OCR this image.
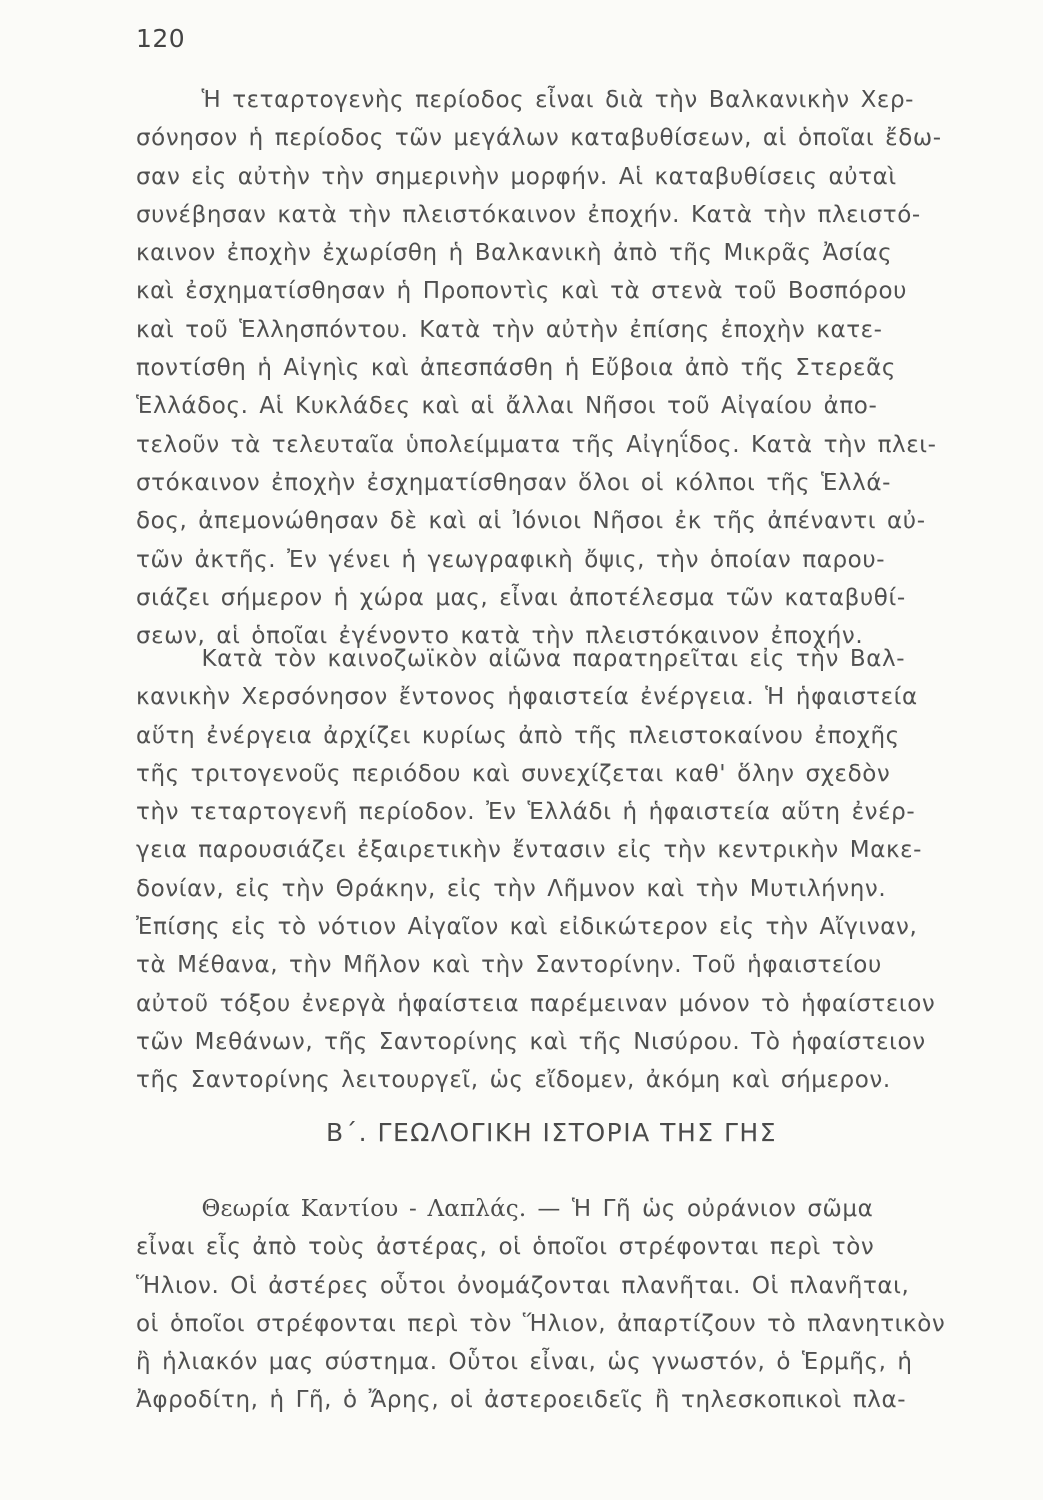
120
Ἡ τεταρτογενὴς περίοδος εἶναι διὰ τὴν Βαλκανικὴν Χερ-
σόνησον ἡ περίοδος τῶν μεγάλων καταβυθίσεων, αἱ ὁποῖαι ἔδω-
σαν εἰς αὐτὴν τὴν σημερινὴν μορφήν. Αἱ καταβυθίσεις αὐταὶ
συνέβησαν κατὰ τὴν πλειστόκαινον ἐποχήν. Κατὰ τὴν πλειστό-
καινον ἐποχὴν ἐχωρίσθη ἡ Βαλκανικὴ ἀπὸ τῆς Μικρᾶς Ἀσίας
καὶ ἐσχηματίσθησαν ἡ Προποντὶς καὶ τὰ στενὰ τοῦ Βοσπόρου
καὶ τοῦ Ἑλλησπόντου. Κατὰ τὴν αὐτὴν ἐπίσης ἐποχὴν κατε-
ποντίσθη ἡ Αἰγηὶς καὶ ἀπεσπάσθη ἡ Εὔβοια ἀπὸ τῆς Στερεᾶς
Ἑλλάδος. Αἱ Κυκλάδες καὶ αἱ ἄλλαι Νῆσοι τοῦ Αἰγαίου ἀπο-
τελοῦν τὰ τελευταῖα ὑπολείμματα τῆς Αἰγηΐδος. Κατὰ τὴν πλει-
στόκαινον ἐποχὴν ἐσχηματίσθησαν ὅλοι οἱ κόλποι τῆς Ἑλλά-
δος, ἀπεμονώθησαν δὲ καὶ αἱ Ἰόνιοι Νῆσοι ἐκ τῆς ἀπέναντι αὐ-
τῶν ἀκτῆς. Ἐν γένει ἡ γεωγραφικὴ ὄψις, τὴν ὁποίαν παρου-
σιάζει σήμερον ἡ χώρα μας, εἶναι ἀποτέλεσμα τῶν καταβυθί-
σεων, αἱ ὁποῖαι ἐγένοντο κατὰ τὴν πλειστόκαινον ἐποχήν.
Κατὰ τὸν καινοζωϊκὸν αἰῶνα παρατηρεῖται εἰς τὴν Βαλ-
κανικὴν Χερσόνησον ἔντονος ἡφαιστεία ἐνέργεια. Ἡ ἡφαιστεία
αὕτη ἐνέργεια ἀρχίζει κυρίως ἀπὸ τῆς πλειστοκαίνου ἐποχῆς
τῆς τριτογενοῦς περιόδου καὶ συνεχίζεται καθ' ὅλην σχεδὸν
τὴν τεταρτογενῆ περίοδον. Ἐν Ἑλλάδι ἡ ἡφαιστεία αὕτη ἐνέρ-
γεια παρουσιάζει ἐξαιρετικὴν ἔντασιν εἰς τὴν κεντρικὴν Μακε-
δονίαν, εἰς τὴν Θράκην, εἰς τὴν Λῆμνον καὶ τὴν Μυτιλήνην.
Ἐπίσης εἰς τὸ νότιον Αἰγαῖον καὶ εἰδικώτερον εἰς τὴν Αἴγιναν,
τὰ Μέθανα, τὴν Μῆλον καὶ τὴν Σαντορίνην. Τοῦ ἡφαιστείου
αὐτοῦ τόξου ἐνεργὰ ἡφαίστεια παρέμειναν μόνον τὸ ἡφαίστειον
τῶν Μεθάνων, τῆς Σαντορίνης καὶ τῆς Νισύρου. Τὸ ἡφαίστειον
τῆς Σαντορίνης λειτουργεῖ, ὡς εἴδομεν, ἀκόμη καὶ σήμερον.
Β΄. ΓΕΩΛΟΓΙΚΗ ΙΣΤΟΡΙΑ ΤΗΣ ΓΗΣ
Θεωρία Καντίου - Λαπλάς. — Ἡ Γῆ ὡς οὐράνιον σῶμα
εἶναι εἷς ἀπὸ τοὺς ἀστέρας, οἱ ὁποῖοι στρέφονται περὶ τὸν
Ἥλιον. Οἱ ἀστέρες οὗτοι ὀνομάζονται πλανῆται. Οἱ πλανῆται,
οἱ ὁποῖοι στρέφονται περὶ τὸν Ἥλιον, ἀπαρτίζουν τὸ πλανητικὸν
ἢ ἡλιακόν μας σύστημα. Οὗτοι εἶναι, ὡς γνωστόν, ὁ Ἑρμῆς, ἡ
Ἀφροδίτη, ἡ Γῆ, ὁ Ἄρης, οἱ ἀστεροειδεῖς ἢ τηλεσκοπικοὶ πλα-
